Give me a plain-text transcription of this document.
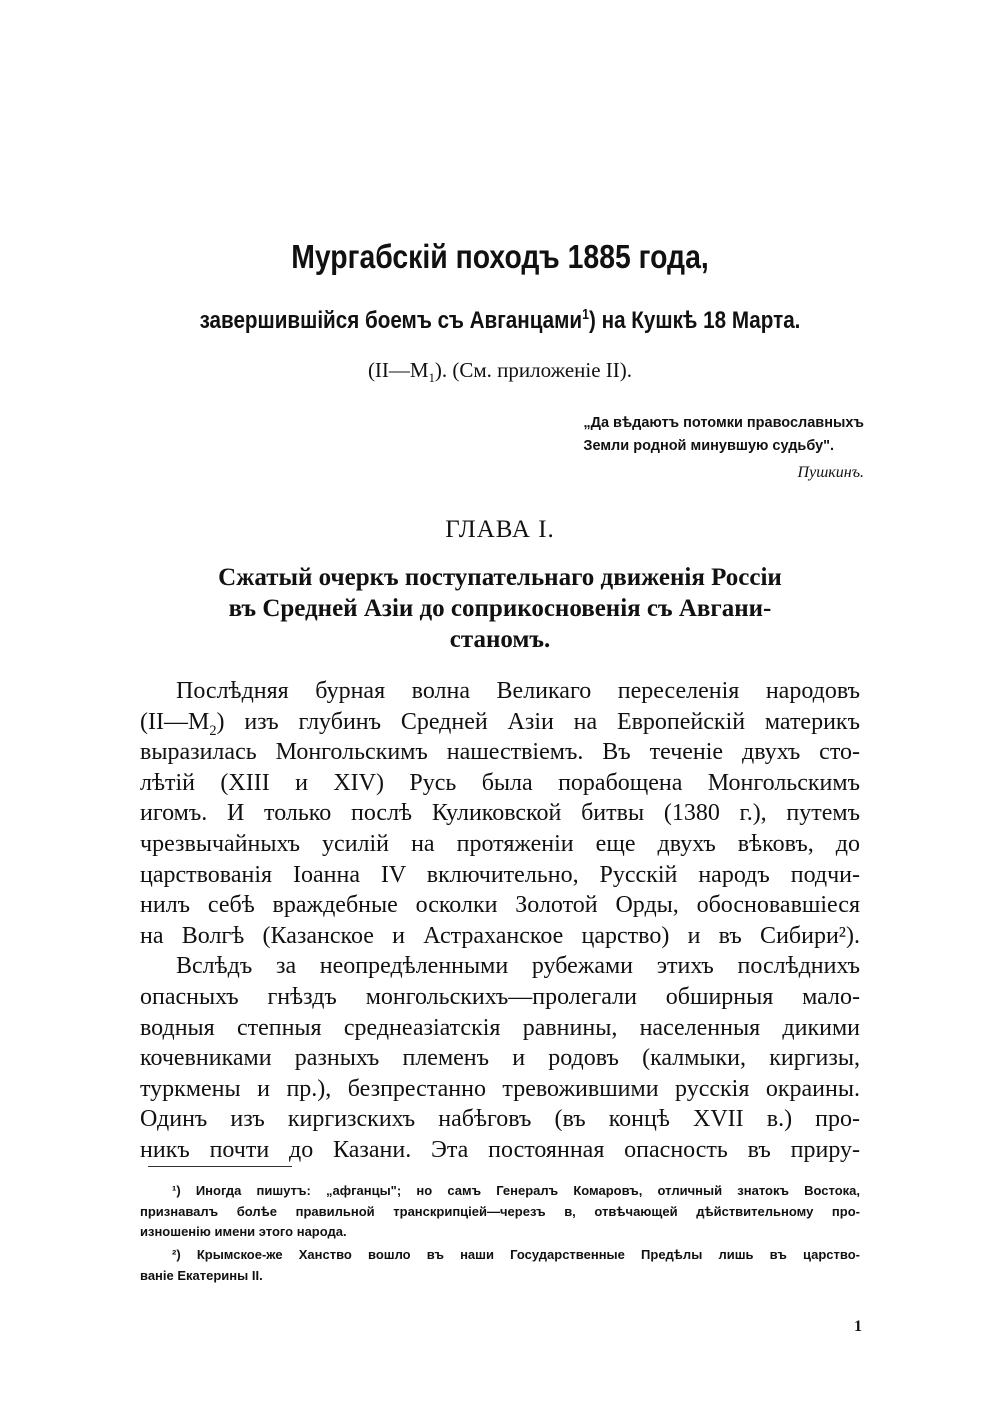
Мургабскій походъ 1885 года,
завершившійся боемъ съ Авганцами$^1$) на Кушкѣ 18 Марта.
$(II—M_1)$. (См. приложеніе II).
„Да вѣдаютъ потомки православныхъ
Земли родной минувшую судьбу".
Пушкинъ.
ГЛАВА I.
Сжатый очеркъ поступательнаго движенія Россіи
въ Средней Азіи до соприкосновенія съ Авгани-
станомъ.
Послѣдняя бурная волна Великаго переселенія народовъ
$(II—M_2)$ изъ глубинъ Средней Азіи на Европейскій материкъ
выразилась Монгольскимъ нашествіемъ. Въ теченіе двухъ сто-
лѣтій (XIII и XIV) Русь была порабощена Монгольскимъ
игомъ. И только послѣ Куликовской битвы (1380 г.), путемъ
чрезвычайныхъ усилій на протяженіи еще двухъ вѣковъ, до
царствованія Іоанна IV включительно, Русскій народъ подчи-
нилъ себѣ враждебные осколки Золотой Орды, обосновавшіеся
на Волгѣ (Казанское и Астраханское царство) и въ Сибири²).
Вслѣдъ за неопредѣленными рубежами этихъ послѣднихъ
опасныхъ гнѣздъ монгольскихъ—пролегали обширныя мало-
водныя степныя среднеазіатскія равнины, населенныя дикими
кочевниками разныхъ племенъ и родовъ (калмыки, киргизы,
туркмены и пр.), безпрестанно тревожившими русскія окраины.
Одинъ изъ киргизскихъ набѣговъ (въ концѣ XVII в.) про-
никъ почти до Казани. Эта постоянная опасность въ приру-
¹) Иногда пишутъ: „афганцы"; но самъ Генералъ Комаровъ, отличный знатокъ Востока,
признавалъ болѣе правильной транскрипціей—черезъ в, отвѣчающей дѣйствительному про-
изношенію имени этого народа.
²) Крымское-же Ханство вошло въ наши Государственные Предѣлы лишь въ царство-
ваніе Екатерины II.
1
